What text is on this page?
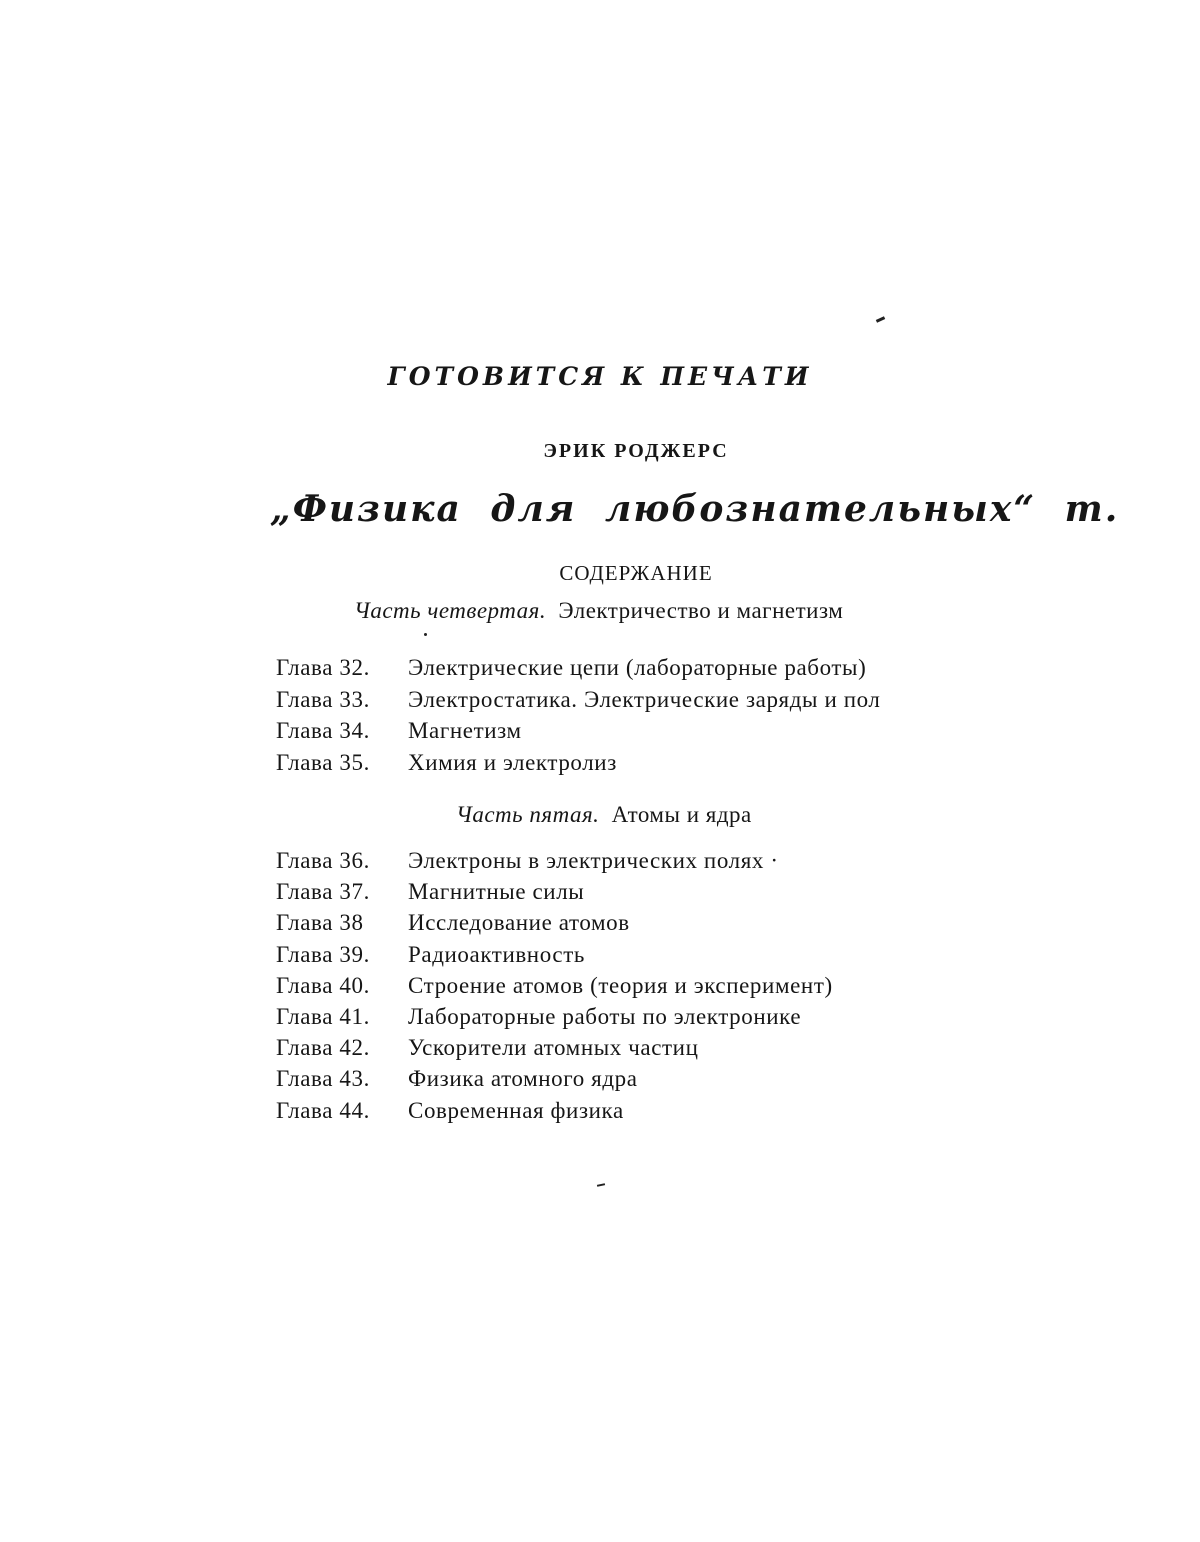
ГОТОВИТСЯ К ПЕЧАТИ
ЭРИК РОДЖЕРС
„Физика для любознательных“ т.
СОДЕРЖАНИЕ
Часть четвертая. Электричество и магнетизм
Глава 32. Электрические цепи (лабораторные работы)
Глава 33. Электростатика. Электрические заряды и пол
Глава 34. Магнетизм
Глава 35. Химия и электролиз
Часть пятая. Атомы и ядра
Глава 36. Электроны в электрических полях ·
Глава 37. Магнитные силы
Глава 38 Исследование атомов
Глава 39. Радиоактивность
Глава 40. Строение атомов (теория и эксперимент)
Глава 41. Лабораторные работы по электронике
Глава 42. Ускорители атомных частиц
Глава 43. Физика атомного ядра
Глава 44. Современная физика
